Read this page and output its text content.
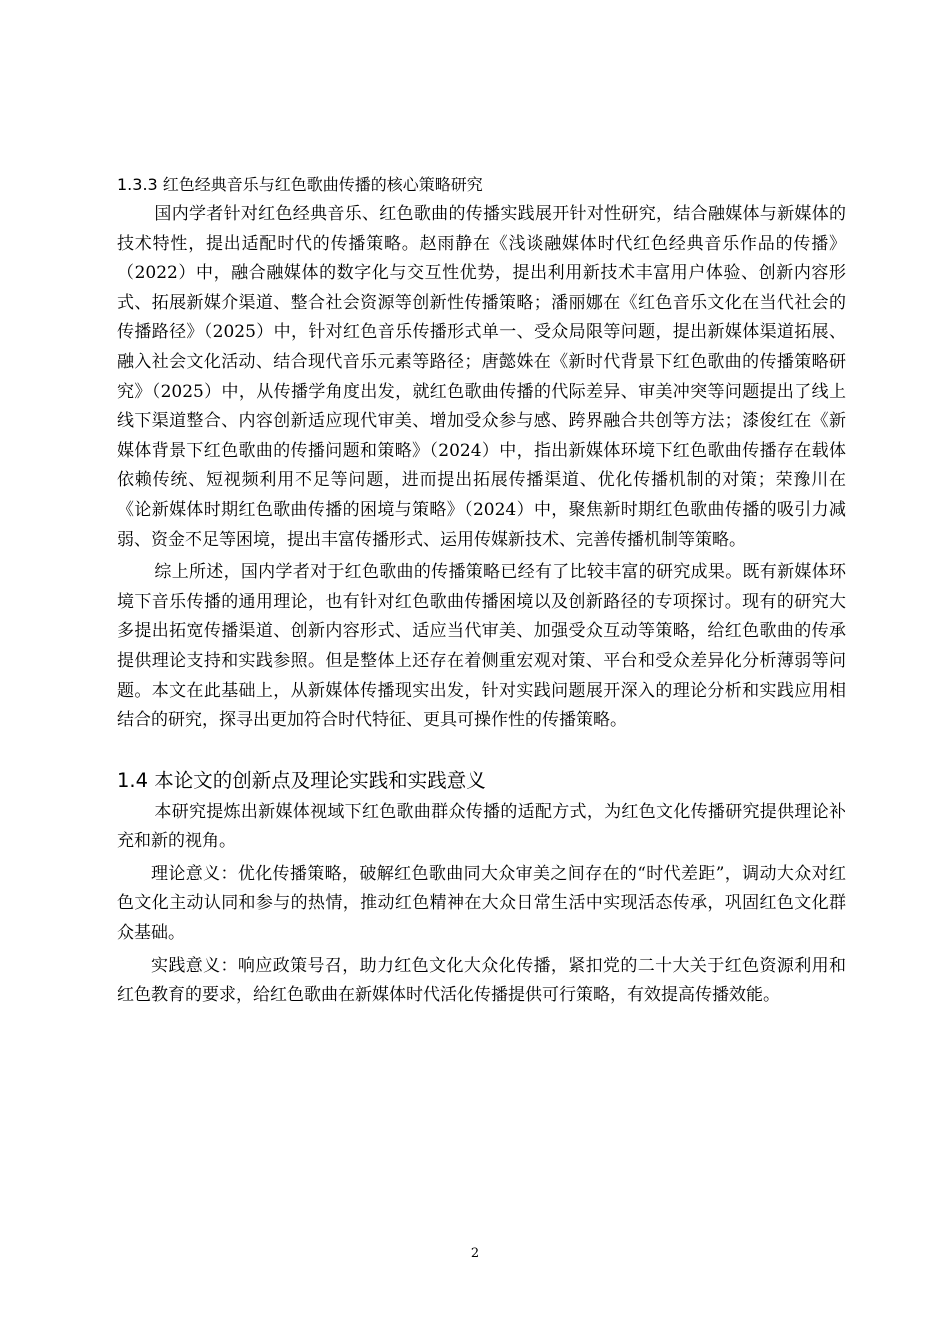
1.3.3 红色经典音乐与红色歌曲传播的核心策略研究

国内学者针对红色经典音乐、红色歌曲的传播实践展开针对性研究，结合融媒体与新媒体的技术特性，提出适配时代的传播策略。赵雨静在《浅谈融媒体时代红色经典音乐作品的传播》（2022）中，融合融媒体的数字化与交互性优势，提出利用新技术丰富用户体验、创新内容形式、拓展新媒介渠道、整合社会资源等创新性传播策略；潘丽娜在《红色音乐文化在当代社会的传播路径》（2025）中，针对红色音乐传播形式单一、受众局限等问题，提出新媒体渠道拓展、融入社会文化活动、结合现代音乐元素等路径；唐懿姝在《新时代背景下红色歌曲的传播策略研究》（2025）中，从传播学角度出发，就红色歌曲传播的代际差异、审美冲突等问题提出了线上线下渠道整合、内容创新适应现代审美、增加受众参与感、跨界融合共创等方法；漆俊红在《新媒体背景下红色歌曲的传播问题和策略》（2024）中，指出新媒体环境下红色歌曲传播存在载体依赖传统、短视频利用不足等问题，进而提出拓展传播渠道、优化传播机制的对策；荣豫川在《论新媒体时期红色歌曲传播的困境与策略》（2024）中，聚焦新时期红色歌曲传播的吸引力减弱、资金不足等困境，提出丰富传播形式、运用传媒新技术、完善传播机制等策略。

综上所述，国内学者对于红色歌曲的传播策略已经有了比较丰富的研究成果。既有新媒体环境下音乐传播的通用理论，也有针对红色歌曲传播困境以及创新路径的专项探讨。现有的研究大多提出拓宽传播渠道、创新内容形式、适应当代审美、加强受众互动等策略，给红色歌曲的传承提供理论支持和实践参照。但是整体上还存在着侧重宏观对策、平台和受众差异化分析薄弱等问题。本文在此基础上，从新媒体传播现实出发，针对实践问题展开深入的理论分析和实践应用相结合的研究，探寻出更加符合时代特征、更具可操作性的传播策略。

1.4 本论文的创新点及理论实践和实践意义

本研究提炼出新媒体视域下红色歌曲群众传播的适配方式，为红色文化传播研究提供理论补充和新的视角。

理论意义：优化传播策略，破解红色歌曲同大众审美之间存在的“时代差距”，调动大众对红色文化主动认同和参与的热情，推动红色精神在大众日常生活中实现活态传承，巩固红色文化群众基础。

实践意义：响应政策号召，助力红色文化大众化传播，紧扣党的二十大关于红色资源利用和红色教育的要求，给红色歌曲在新媒体时代活化传播提供可行策略，有效提高传播效能。

2
